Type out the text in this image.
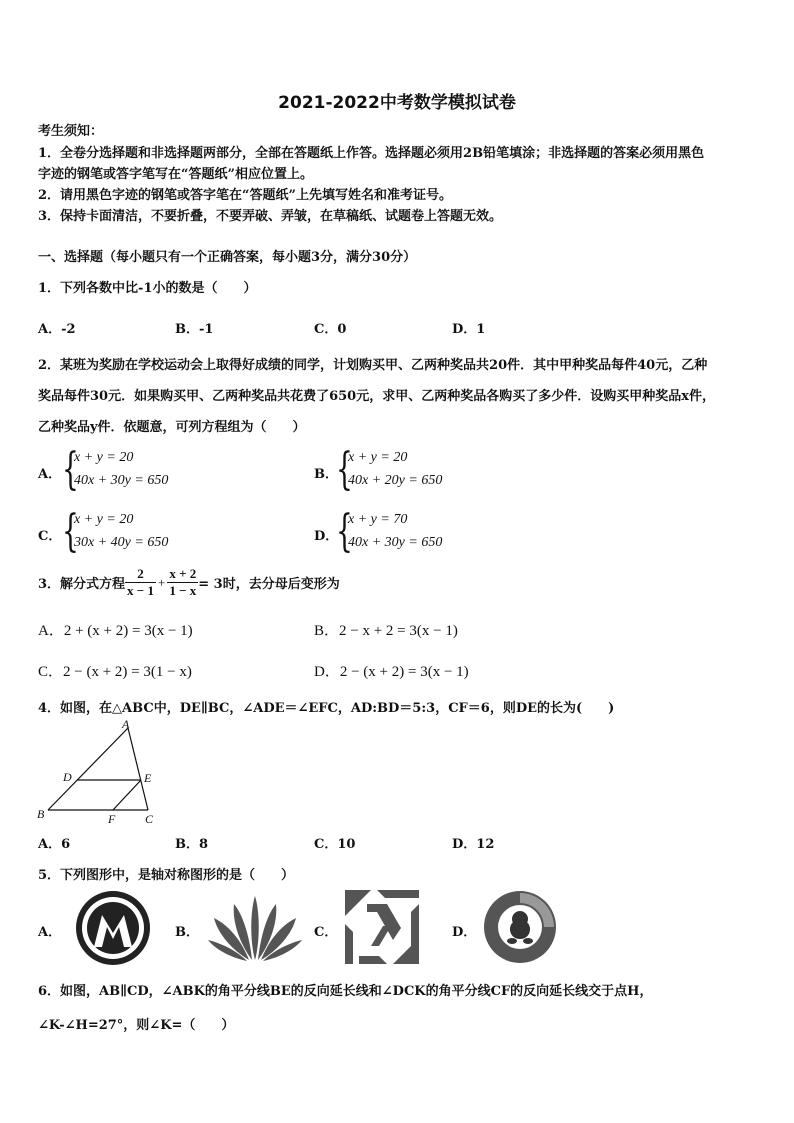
2021-2022中考数学模拟试卷
考生须知：
1．全卷分选择题和非选择题两部分，全部在答题纸上作答。选择题必须用2B铅笔填涂；非选择题的答案必须用黑色
字迹的钢笔或答字笔写在“答题纸”相应位置上。
2．请用黑色字迹的钢笔或答字笔在“答题纸”上先填写姓名和准考证号。
3．保持卡面清洁，不要折叠，不要弄破、弄皱，在草稿纸、试题卷上答题无效。
一、选择题（每小题只有一个正确答案，每小题3分，满分30分）
1．下列各数中比-1小的数是（　　）
A．-2	B．-1	C．0	D．1
2．某班为奖励在学校运动会上取得好成绩的同学，计划购买甲、乙两种奖品共20件．其中甲种奖品每件40元，乙种
奖品每件30元．如果购买甲、乙两种奖品共花费了650元，求甲、乙两种奖品各购买了多少件．设购买甲种奖品x件，
乙种奖品y件．依题意，可列方程组为（　　）
A． {
x + y = 20
40x + 30y = 650	B．
{
x + y = 20
40x + 20y = 650
C． {
x + y = 20
30x + 40y = 650	D．
{
x + y = 70
40x + 30y = 650
3．解分式方程 $\frac{2}{x - 1} + \frac{x + 2}{1 - x} = 3$时，去分母后变形为
A．2 + (x + 2) = 3(x − 1)	B．2 − x + 2 = 3(x − 1)
C．2 − (x + 2) = 3(1 − x)	D．2 − (x + 2) = 3(x − 1)
4．如图，在△ABC中，DE∥BC，∠ADE＝∠EFC，AD:BD＝5:3，CF＝6，则DE的长为(　　)
A
D	E
B	F C
A．6	B．8	C．10	D．12
5．下列图形中，是轴对称图形的是（　　）
A．	B．	C．	D．
6．如图，AB∥CD，∠ABK的角平分线BE的反向延长线和∠DCK的角平分线CF的反向延长线交于点H，
∠K-∠H=27°，则∠K=（　　）
